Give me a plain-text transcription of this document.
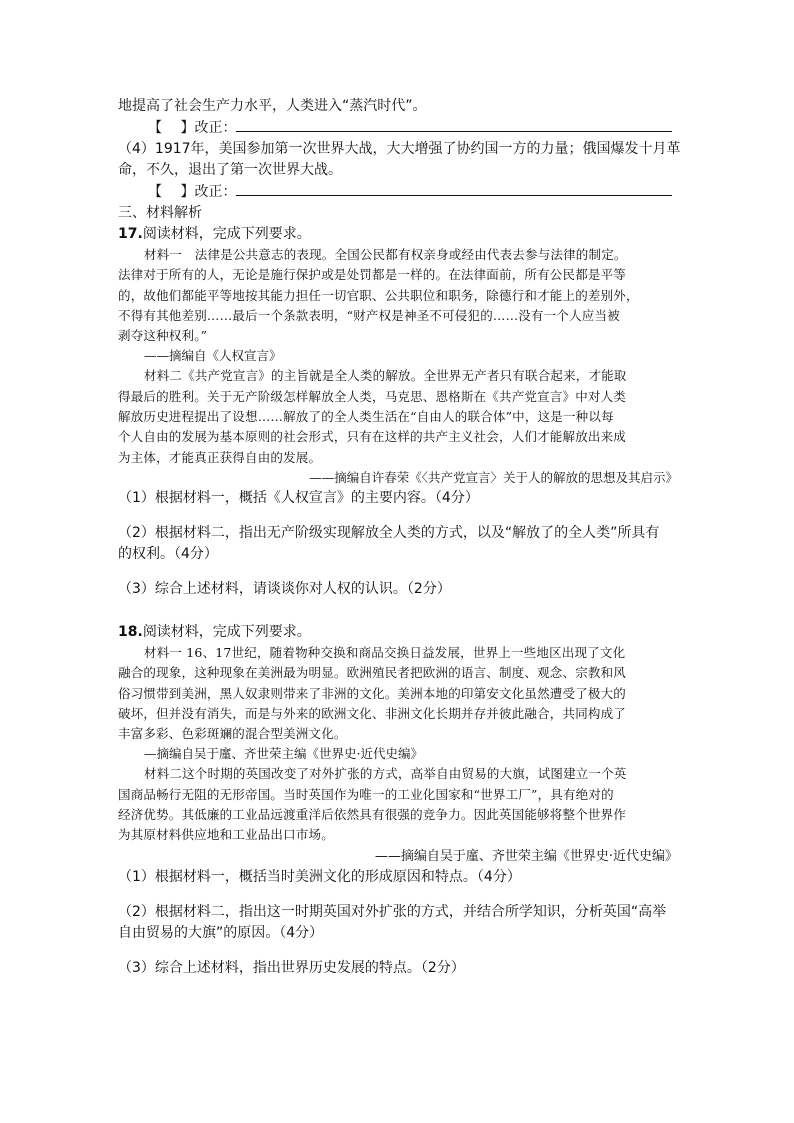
地提高了社会生产力水平，人类进入“蒸汽时代”。

【　 】改正：

（4）1917年，美国参加第一次世界大战，大大增强了协约国一方的力量；俄国爆发十月革

命，不久，退出了第一次世界大战。

【　 】改正：

三、材料解析

17.阅读材料，完成下列要求。

材料一　法律是公共意志的表现。全国公民都有权亲身或经由代表去参与法律的制定。

法律对于所有的人，无论是施行保护或是处罚都是一样的。在法律面前，所有公民都是平等

的，故他们都能平等地按其能力担任一切官职、公共职位和职务，除德行和才能上的差别外，

不得有其他差别……最后一个条款表明，“财产权是神圣不可侵犯的……没有一个人应当被

剥夺这种权利。”

——摘编自《人权宣言》

材料二《共产党宣言》的主旨就是全人类的解放。全世界无产者只有联合起来，才能取

得最后的胜利。关于无产阶级怎样解放全人类，马克思、恩格斯在《共产党宣言》中对人类

解放历史进程提出了设想……解放了的全人类生活在“自由人的联合体”中，这是一种以每

个人自由的发展为基本原则的社会形式，只有在这样的共产主义社会，人们才能解放出来成

为主体，才能真正获得自由的发展。

——摘编自许春荣《〈共产党宣言〉关于人的解放的思想及其启示》

（1）根据材料一，概括《人权宣言》的主要内容。（4分）

（2）根据材料二，指出无产阶级实现解放全人类的方式，以及“解放了的全人类”所具有

的权利。（4分）

（3）综合上述材料，请谈谈你对人权的认识。（2分）

18.阅读材料，完成下列要求。

材料一 16、17世纪，随着物种交换和商品交换日益发展，世界上一些地区出现了文化

融合的现象，这种现象在美洲最为明显。欧洲殖民者把欧洲的语言、制度、观念、宗教和风

俗习惯带到美洲，黑人奴隶则带来了非洲的文化。美洲本地的印第安文化虽然遭受了极大的

破坏，但并没有消失，而是与外来的欧洲文化、非洲文化长期并存并彼此融合，共同构成了

丰富多彩、色彩斑斓的混合型美洲文化。

—摘编自吴于廑、齐世荣主编《世界史·近代史编》

材料二这个时期的英国改变了对外扩张的方式，高举自由贸易的大旗，试图建立一个英

国商品畅行无阻的无形帝国。当时英国作为唯一的工业化国家和“世界工厂”，具有绝对的

经济优势。其低廉的工业品远渡重洋后依然具有很强的竞争力。因此英国能够将整个世界作

为其原材料供应地和工业品出口市场。

——摘编自吴于廑、齐世荣主编《世界史·近代史编》

（1）根据材料一，概括当时美洲文化的形成原因和特点。（4分）

（2）根据材料二，指出这一时期英国对外扩张的方式，并结合所学知识，分析英国“高举

自由贸易的大旗”的原因。（4分）

（3）综合上述材料，指出世界历史发展的特点。（2分）
